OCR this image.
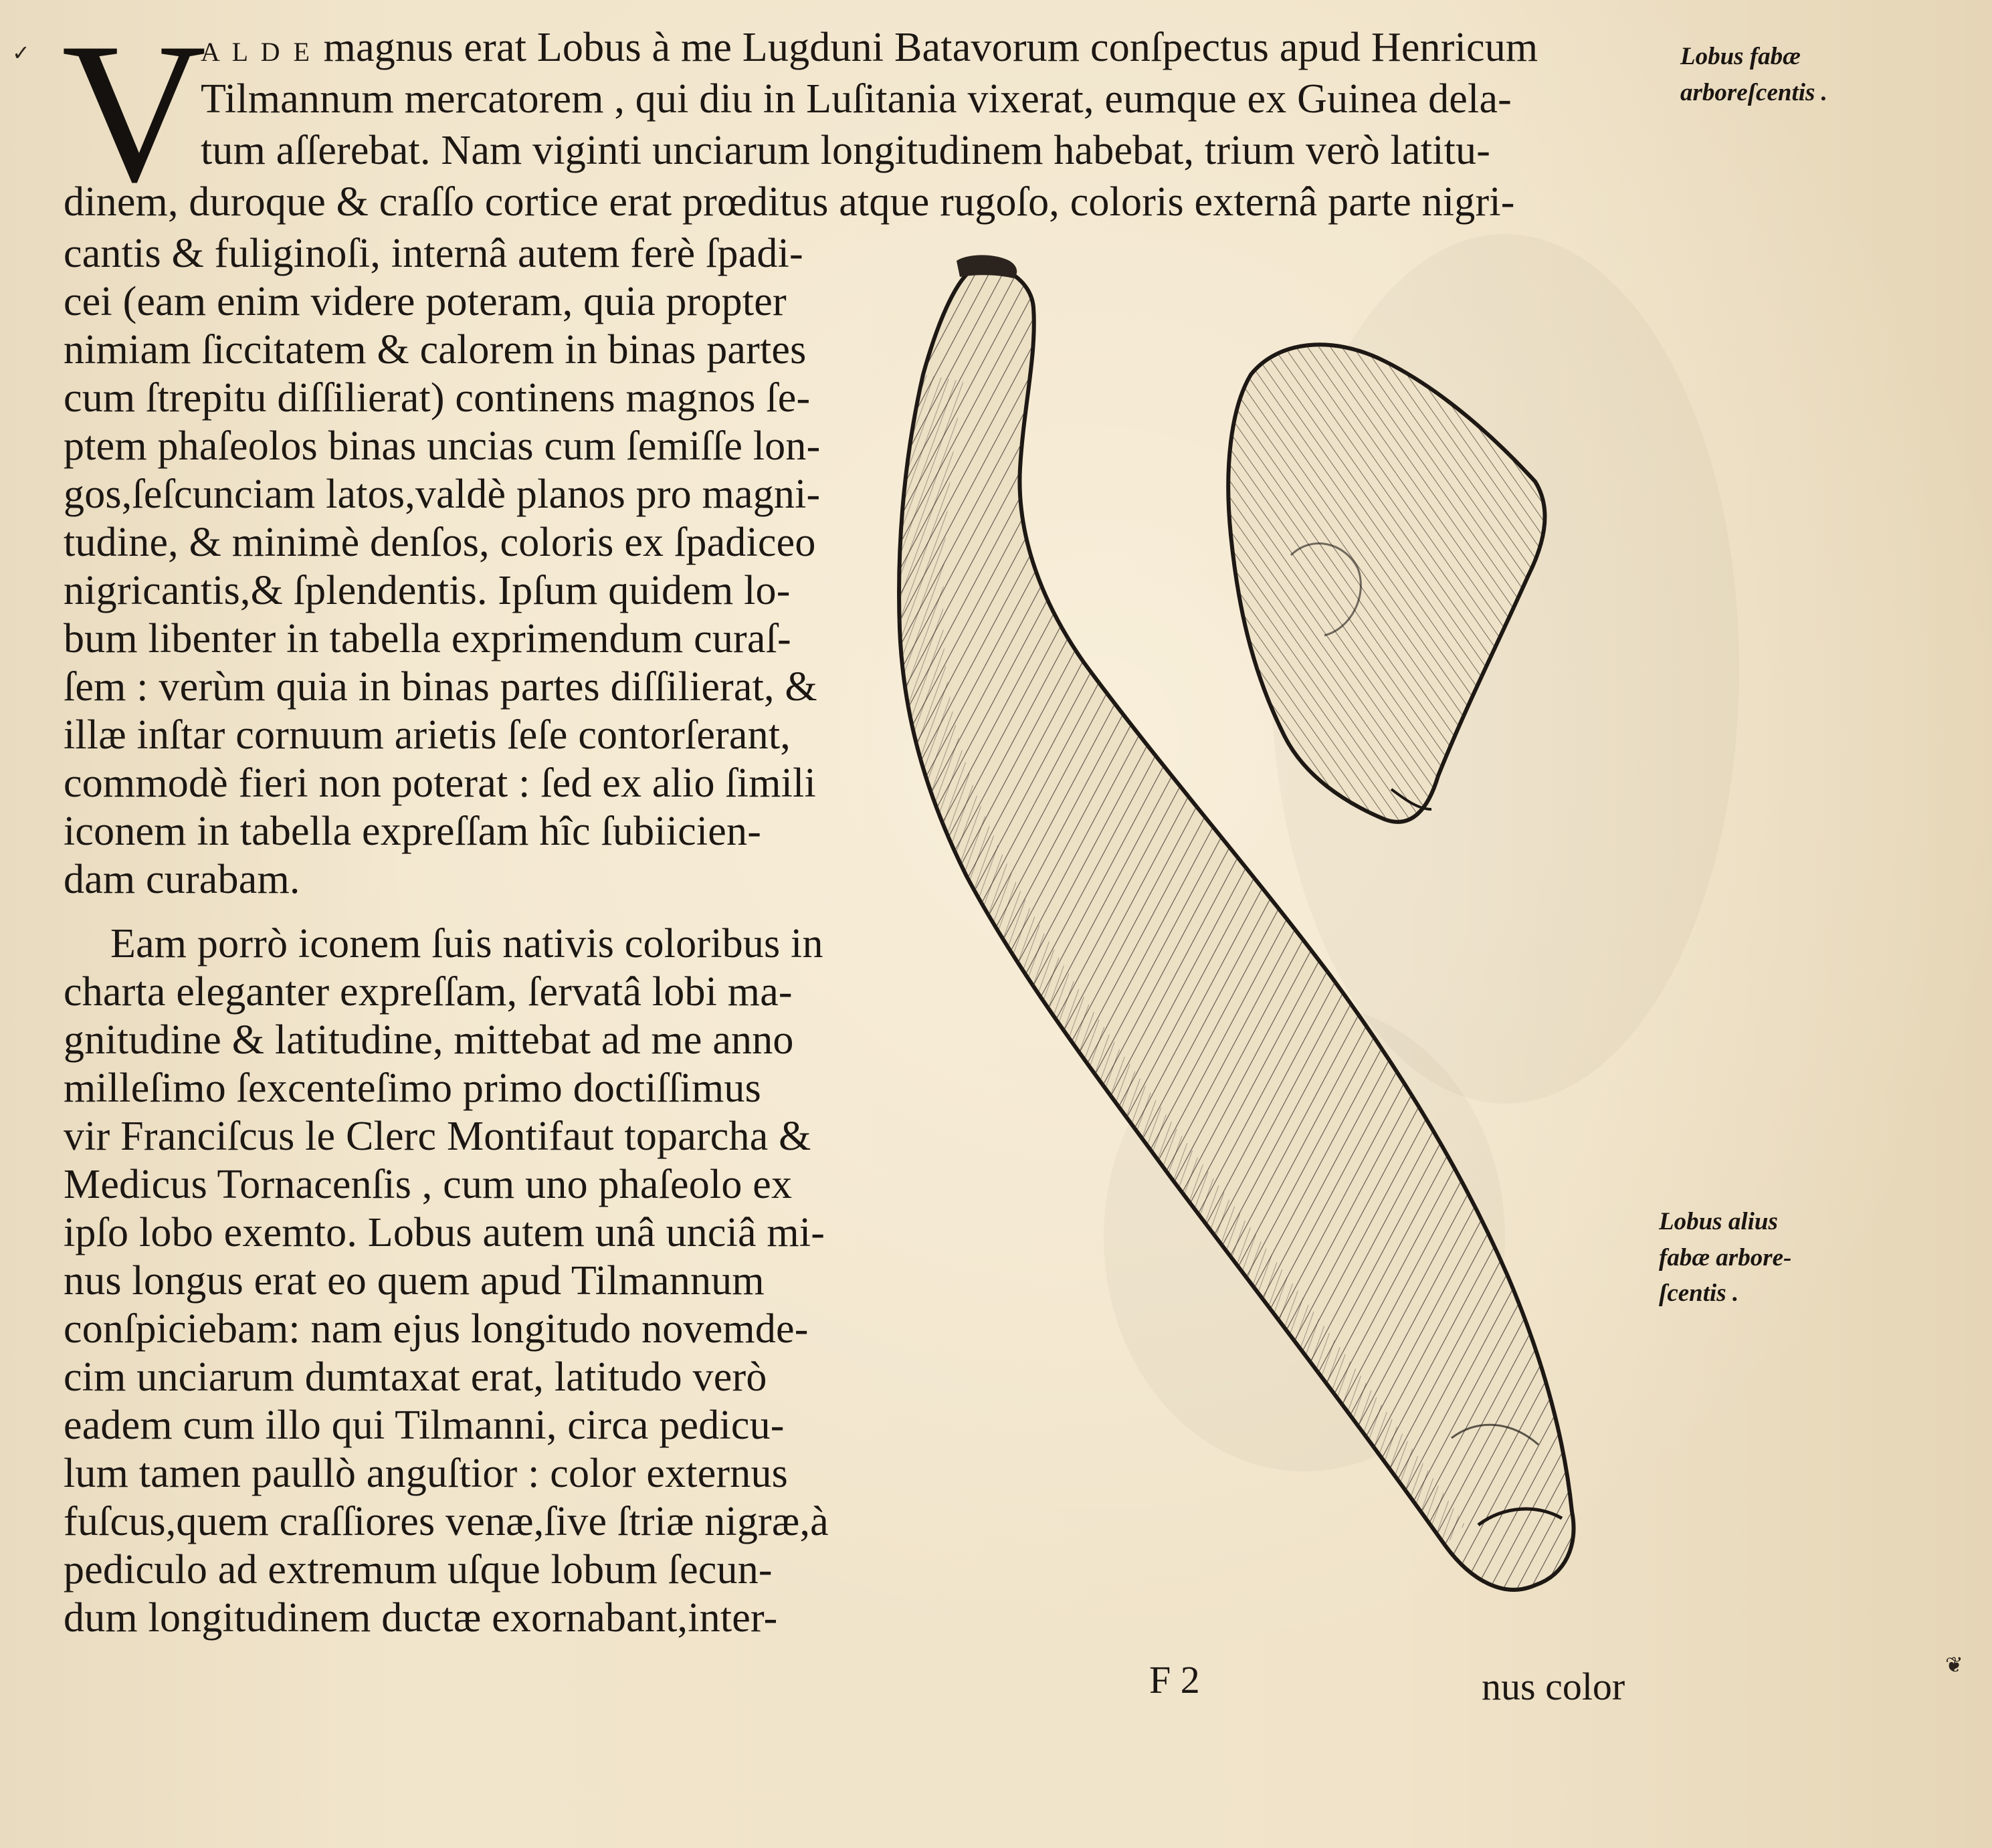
V
A L D E magnus erat Lobus à me Lugduni Batavorum conſpectus apud Henricum
Tilmannum mercatorem , qui diu in Luſitania vixerat, eumque ex Guinea dela-
tum aſſerebat. Nam viginti unciarum longitudinem habebat, trium verò latitu-
dinem, duroque & craſſo cortice erat prœditus atque rugoſo, coloris externâ parte nigri-
cantis & fuliginoſi, internâ autem ferè ſpadi-
cei (eam enim videre poteram, quia propter
nimiam ſiccitatem & calorem in binas partes
cum ſtrepitu diſſilierat) continens magnos ſe-
ptem phaſeolos binas uncias cum ſemiſſe lon-
gos,ſeſcunciam latos,valdè planos pro magni-
tudine, & minimè denſos, coloris ex ſpadiceo
nigricantis,& ſplendentis. Ipſum quidem lo-
bum libenter in tabella exprimendum curaſ-
ſem : verùm quia in binas partes diſſilierat, &
illæ inſtar cornuum arietis ſeſe contorſerant,
commodè fieri non poterat : ſed ex alio ſimili
iconem in tabella expreſſam hîc ſubiicien-
dam curabam.
Eam porrò iconem ſuis nativis coloribus in
charta eleganter expreſſam, ſervatâ lobi ma-
gnitudine & latitudine, mittebat ad me anno
milleſimo ſexcenteſimo primo doctiſſimus
vir Franciſcus le Clerc Montifaut toparcha &
Medicus Tornacenſis , cum uno phaſeolo ex
ipſo lobo exemto. Lobus autem unâ unciâ mi-
nus longus erat eo quem apud Tilmannum
conſpiciebam: nam ejus longitudo novemde-
cim unciarum dumtaxat erat, latitudo verò
eadem cum illo qui Tilmanni, circa pedicu-
lum tamen paullò anguſtior : color externus
fuſcus,quem craſſiores venæ,ſive ſtriæ nigræ,à
pediculo ad extremum uſque lobum ſecun-
dum longitudinem ductæ exornabant,inter-
Lobus fabæ
arboreſcentis .
Lobus alius
fabæ arbore-
ſcentis .
F 2	nus color
✓
❦
